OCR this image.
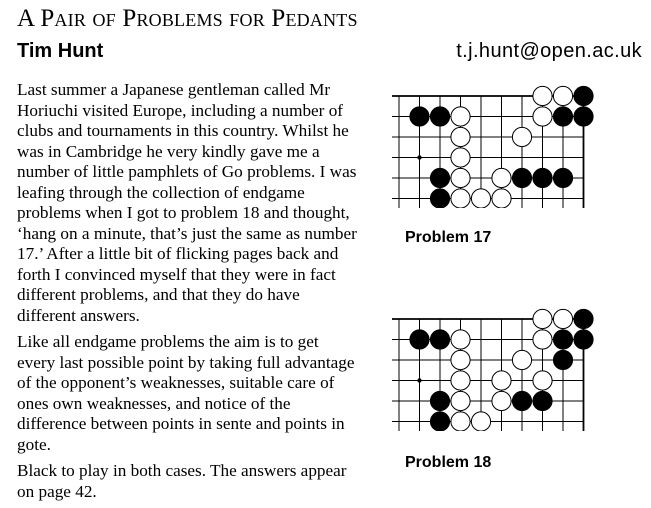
A Pair of Problems for Pedants
Tim Hunt	t.j.hunt@open.ac.uk

Last summer a Japanese gentleman called Mr Horiuchi visited Europe, including a number of clubs and tournaments in this country. Whilst he was in Cambridge he very kindly gave me a number of little pamphlets of Go problems. I was leafing through the collection of endgame problems when I got to problem 18 and thought, ‘hang on a minute, that’s just the same as number 17.’ After a little bit of flicking pages back and forth I convinced myself that they were in fact different problems, and that they do have different answers.

Like all endgame problems the aim is to get every last possible point by taking full advantage of the opponent’s weaknesses, suitable care of ones own weaknesses, and notice of the difference between points in sente and points in gote.

Black to play in both cases. The answers appear on page 42.

Problem 17
Problem 18
